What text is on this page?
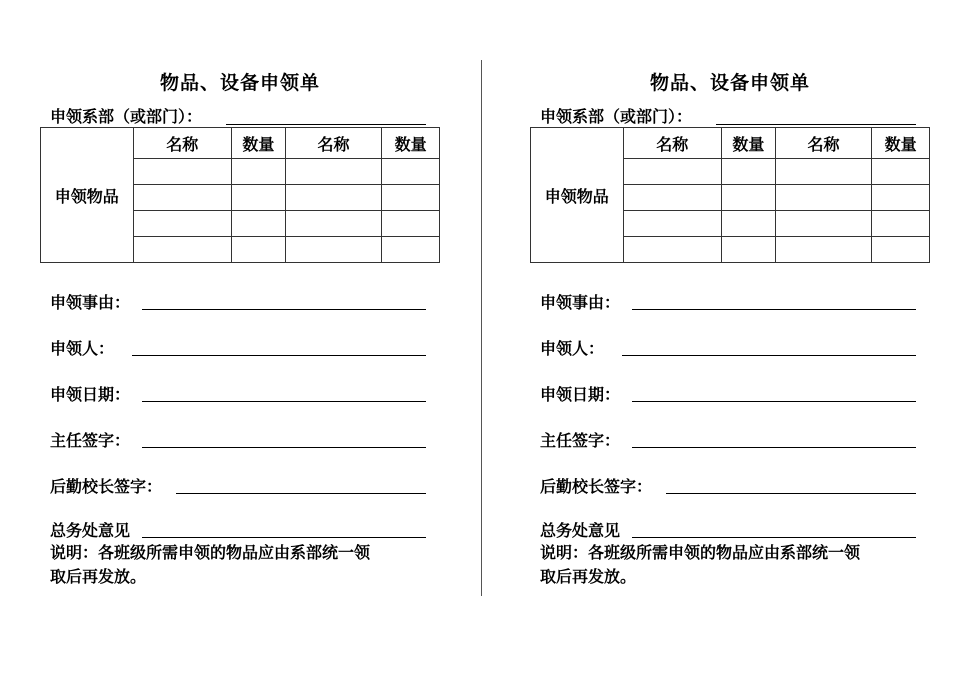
物品、设备申领单
申领系部（或部门）：
申领物品	名称	数量	名称	数量

申领事由：
申领人：
申领日期：
主任签字：
后勤校长签字：
总务处意见
说明：各班级所需申领的物品应由系部统一领
取后再发放。
物品、设备申领单
申领系部（或部门）：
申领物品	名称	数量	名称	数量

申领事由：
申领人：
申领日期：
主任签字：
后勤校长签字：
总务处意见
说明：各班级所需申领的物品应由系部统一领
取后再发放。
